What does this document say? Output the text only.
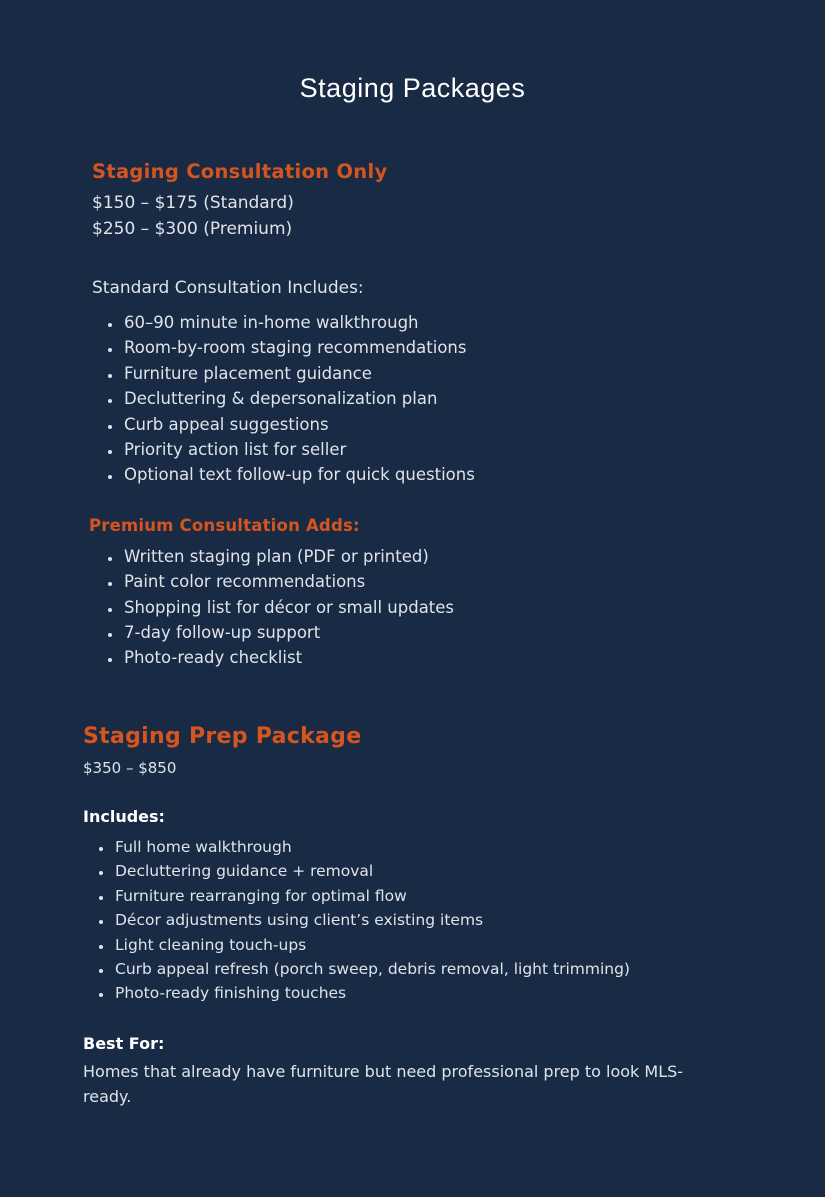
Staging Packages
Staging Consultation Only

$150 – $175 (Standard)

$250 – $300 (Premium)

Standard Consultation Includes:

• 60–90 minute in-home walkthrough
• Room-by-room staging recommendations
• Furniture placement guidance
• Decluttering & depersonalization plan
• Curb appeal suggestions
• Priority action list for seller
• Optional text follow-up for quick questions
Premium Consultation Adds:
• Written staging plan (PDF or printed)
• Paint color recommendations
• Shopping list for décor or small updates
• 7-day follow-up support
• Photo-ready checklist
Staging Prep Package

$350 – $850

Includes:

• Full home walkthrough
• Decluttering guidance + removal
• Furniture rearranging for optimal flow
• Décor adjustments using client’s existing items
• Light cleaning touch-ups
• Curb appeal refresh (porch sweep, debris removal, light trimming)
• Photo-ready finishing touches

Best For:

Homes that already have furniture but need professional prep to look MLS-ready.
